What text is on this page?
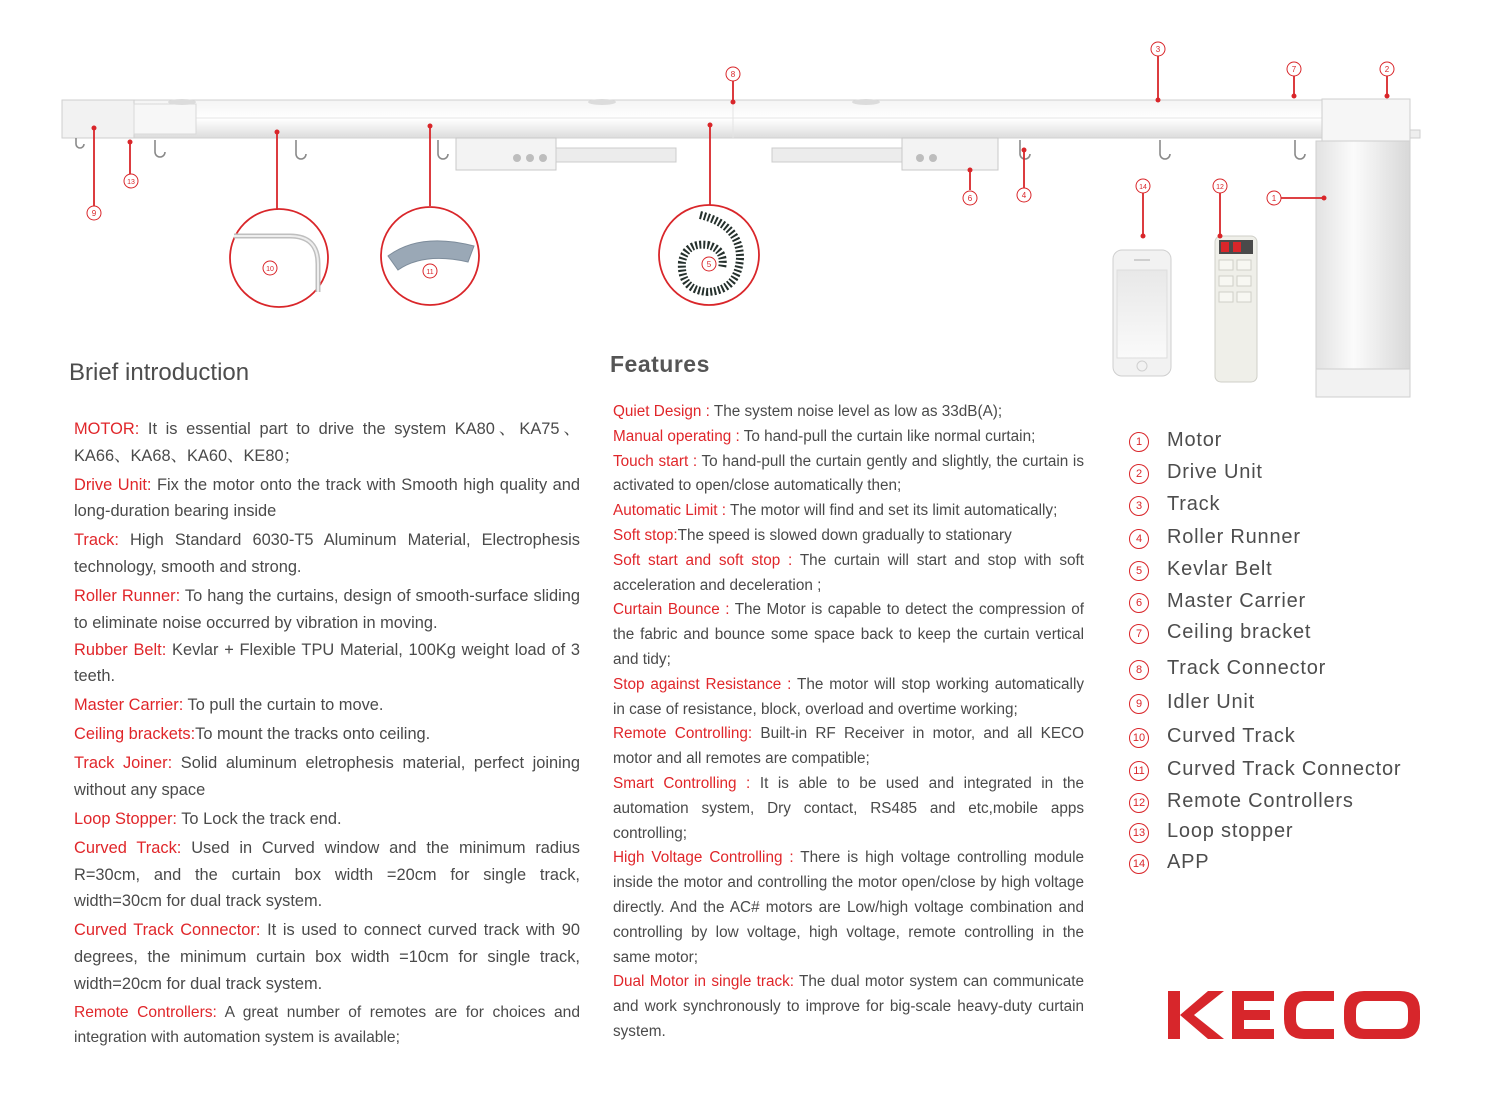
1
2
3
4
5
6
7
8
9
10	11
12
13
14
Brief introduction	Features

MOTOR: It is essential part to drive the system KA80、KA75、KA66、KA68、KA60、KE80；

Drive Unit: Fix the motor onto the track with Smooth high quality and long-duration bearing inside

Track: High Standard 6030-T5 Aluminum Material, Electrophesis technology, smooth and strong.

Roller Runner: To hang the curtains, design of smooth-surface sliding to eliminate noise occurred by vibration in moving.

Rubber Belt: Kevlar + Flexible TPU Material, 100Kg weight load of 3 teeth.

Master Carrier: To pull the curtain to move.

Ceiling brackets:To mount the tracks onto ceiling.

Track Joiner: Solid aluminum eletrophesis material, perfect joining without any space

Loop Stopper: To Lock the track end.

Curved Track: Used in Curved window and the minimum radius R=30cm, and the curtain box width =20cm for single track, width=30cm for dual track system.

Curved Track Connector: It is used to connect curved track with 90 degrees, the minimum curtain box width =10cm for single track, width=20cm for dual track system.

Remote Controllers: A great number of remotes are for choices and integration with automation system is available;

Quiet Design : The system noise level as low as 33dB(A);

Manual operating : To hand-pull the curtain like normal curtain;

Touch start : To hand-pull the curtain gently and slightly, the curtain is activated to open/close automatically then;

Automatic Limit : The motor will find and set its limit automatically;

Soft stop:The speed is slowed down gradually to stationary

Soft start and soft stop : The curtain will start and stop with soft acceleration and deceleration ;

Curtain Bounce : The Motor is capable to detect the compression of the fabric and bounce some space back to keep the curtain vertical and tidy;

Stop against Resistance : The motor will stop working automatically in case of resistance, block, overload and overtime working;

Remote Controlling: Built-in RF Receiver in motor, and all KECO motor and all remotes are compatible;

Smart Controlling : It is able to be used and integrated in the automation system, Dry contact, RS485 and etc,mobile apps controlling;

High Voltage Controlling : There is high voltage controlling module inside the motor and controlling the motor open/close by high voltage directly. And the AC# motors are Low/high voltage combination and controlling by low voltage, high voltage, remote controlling in the same motor;

Dual Motor in single track: The dual motor system can communicate and work synchronously to improve for big-scale heavy-duty curtain system.

1	Motor
2	Drive Unit
3	Track
4	Roller Runner
5	Kevlar Belt
6	Master Carrier
7	Ceiling bracket
8	Track Connector
9	Idler Unit
10 Curved Track
11 Curved Track Connector
12 Remote Controllers
13 Loop stopper
14 APP
KECO
